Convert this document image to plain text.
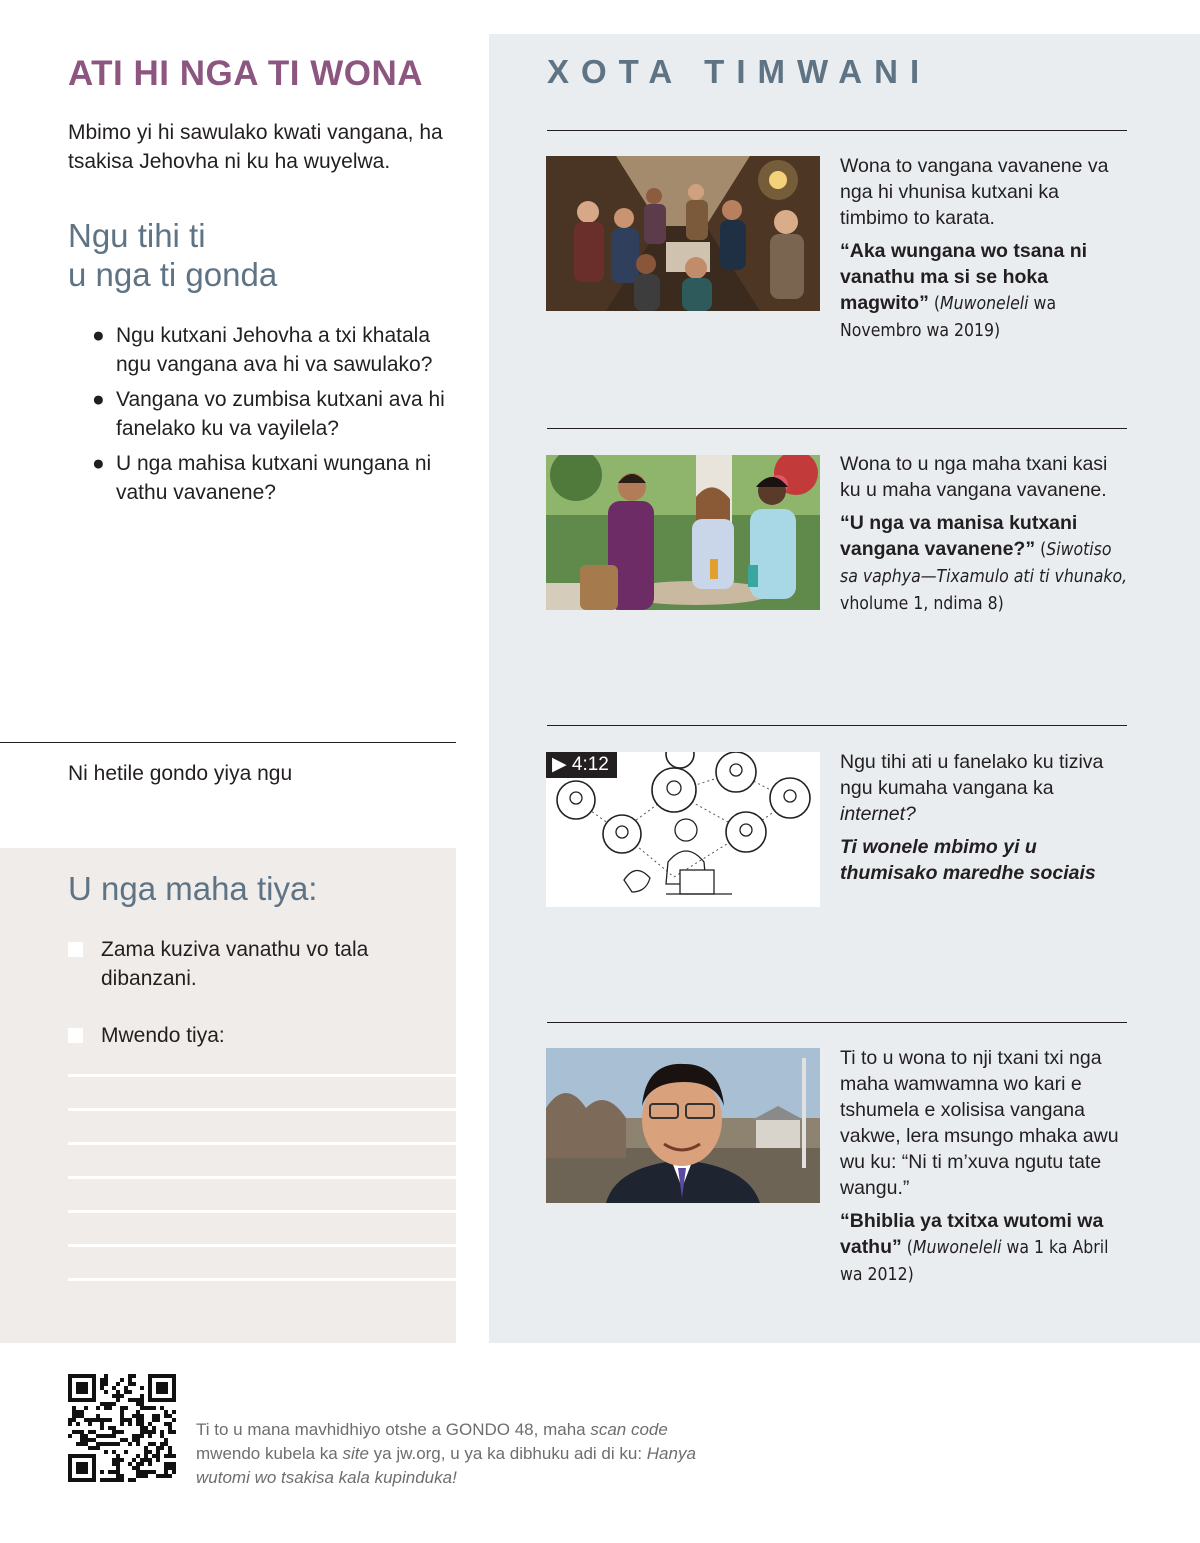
ATI HI NGA TI WONA

Mbimo yi hi sawulako kwati vangana, ha tsakisa Jehovha ni ku ha wuyelwa.

Ngu tihi ti
u nga ti gonda
● Ngu kutxani Jehovha a txi khatala ngu vangana ava hi va sawulako?
● Vangana vo zumbisa kutxani ava hi fanelako ku va vayilela?
● U nga mahisa kutxani wungana ni vathu vavanene?

Ni hetile gondo yiya ngu

U nga maha tiya:
Zama kuziva vanathu vo tala dibanzani.
Mwendo tiya:
XOTA TIMWANI

Wona to vangana vavanene va nga hi vhunisa kutxani ka timbimo to karata.

“Aka wungana wo tsana ni vanathu ma si se hoka magwito” (Muwoneleli wa Novembro wa 2019)

Wona to u nga maha txani kasi ku u maha vangana vavanene.

“U nga va manisa kutxani vangana vavanene?” (Siwotiso sa vaphya—Tixamulo ati ti vhunako, vholume 1, ndima 8)

▶ 4:12	Ngu tihi ati u fanelako ku tiziva ngu kumaha vangana ka internet?

Ti wonele mbimo yi u thumisako maredhe sociais

Ti to u wona to nji txani txi nga maha wamwamna wo kari e tshumela e xolisisa vangana vakwe, lera msungo mhaka awu wu ku: “Ni ti m’xuva ngutu tate wangu.”

“Bhiblia ya txitxa wutomi wa vathu” (Muwoneleli wa 1 ka Abril wa 2012)

Ti to u mana mavhidhiyo otshe a GONDO 48, maha scan code mwendo kubela ka site ya jw.org, u ya ka dibhuku adi di ku: Hanya wutomi wo tsakisa kala kupinduka!
